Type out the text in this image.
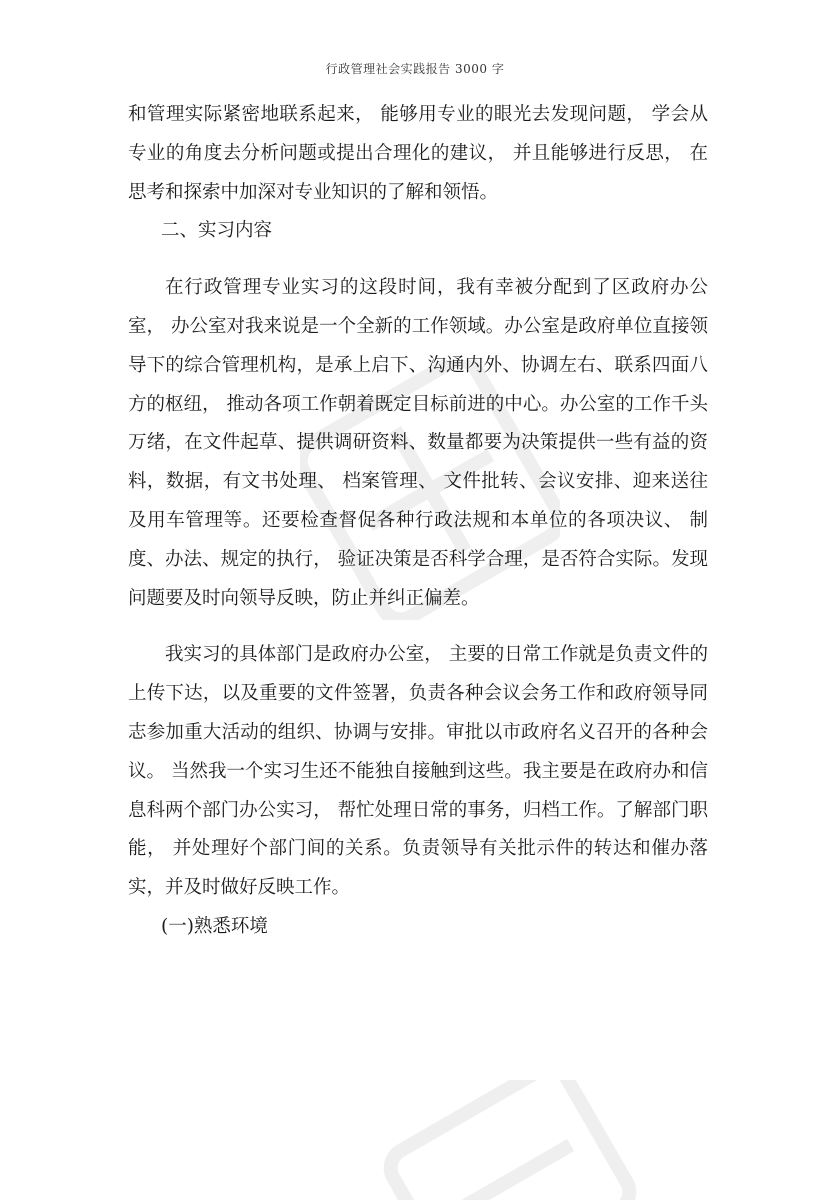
行政管理社会实践报告 3000 字

和管理实际紧密地联系起来， 能够用专业的眼光去发现问题， 学会从专业的角度去分析问题或提出合理化的建议， 并且能够进行反思， 在思考和探索中加深对专业知识的了解和领悟。

二、实习内容

在行政管理专业实习的这段时间，我有幸被分配到了区政府办公室， 办公室对我来说是一个全新的工作领域。办公室是政府单位直接领导下的综合管理机构，是承上启下、沟通内外、协调左右、联系四面八方的枢纽， 推动各项工作朝着既定目标前进的中心。办公室的工作千头万绪，在文件起草、提供调研资料、数量都要为决策提供一些有益的资料，数据，有文书处理、 档案管理、 文件批转、会议安排、迎来送往及用车管理等。还要检查督促各种行政法规和本单位的各项决议、 制度、办法、规定的执行， 验证决策是否科学合理，是否符合实际。发现问题要及时向领导反映，防止并纠正偏差。

我实习的具体部门是政府办公室， 主要的日常工作就是负责文件的上传下达，以及重要的文件签署，负责各种会议会务工作和政府领导同志参加重大活动的组织、协调与安排。审批以市政府名义召开的各种会议。 当然我一个实习生还不能独自接触到这些。我主要是在政府办和信息科两个部门办公实习， 帮忙处理日常的事务，归档工作。了解部门职能， 并处理好个部门间的关系。负责领导有关批示件的转达和催办落实，并及时做好反映工作。

(一)熟悉环境
